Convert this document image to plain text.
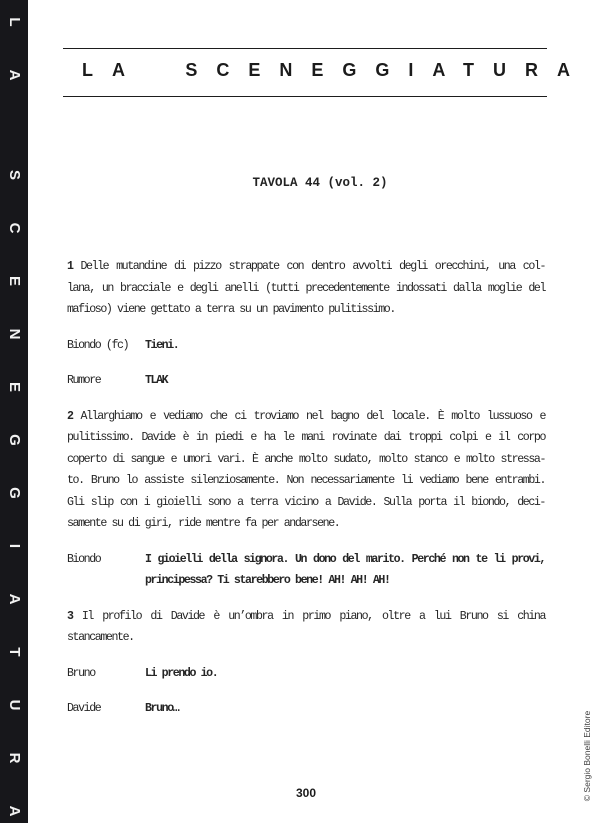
L
A
S
C
E
N
E
G
G
I
A
T
U
R
A
LA SCENEGGIATURA
TAVOLA 44 (vol. 2)
1 Delle mutandine di pizzo strappate con dentro avvolti degli orecchini, una col-
lana, un bracciale e degli anelli (tutti precedentemente indossati dalla moglie del
mafioso) viene gettato a terra su un pavimento pulitissimo.
Biondo (fc)	Tieni.
Rumore	TLAK
2 Allarghiamo e vediamo che ci troviamo nel bagno del locale. È molto lussuoso e
pulitissimo. Davide è in piedi e ha le mani rovinate dai troppi colpi e il corpo
coperto di sangue e umori vari. È anche molto sudato, molto stanco e molto stressa-
to. Bruno lo assiste silenziosamente. Non necessariamente li vediamo bene entrambi.
Gli slip con i gioielli sono a terra vicino a Davide. Sulla porta il biondo, deci-
samente su di giri, ride mentre fa per andarsene.
Biondo	I gioielli della signora. Un dono del marito. Perché non te li provi,
principessa? Ti starebbero bene! AH! AH! AH!
3 Il profilo di Davide è un’ombra in primo piano, oltre a lui Bruno si china
stancamente.
Bruno	Li prendo io.
Davide	Bruno…
300	© Sergio Bonelli Editore
